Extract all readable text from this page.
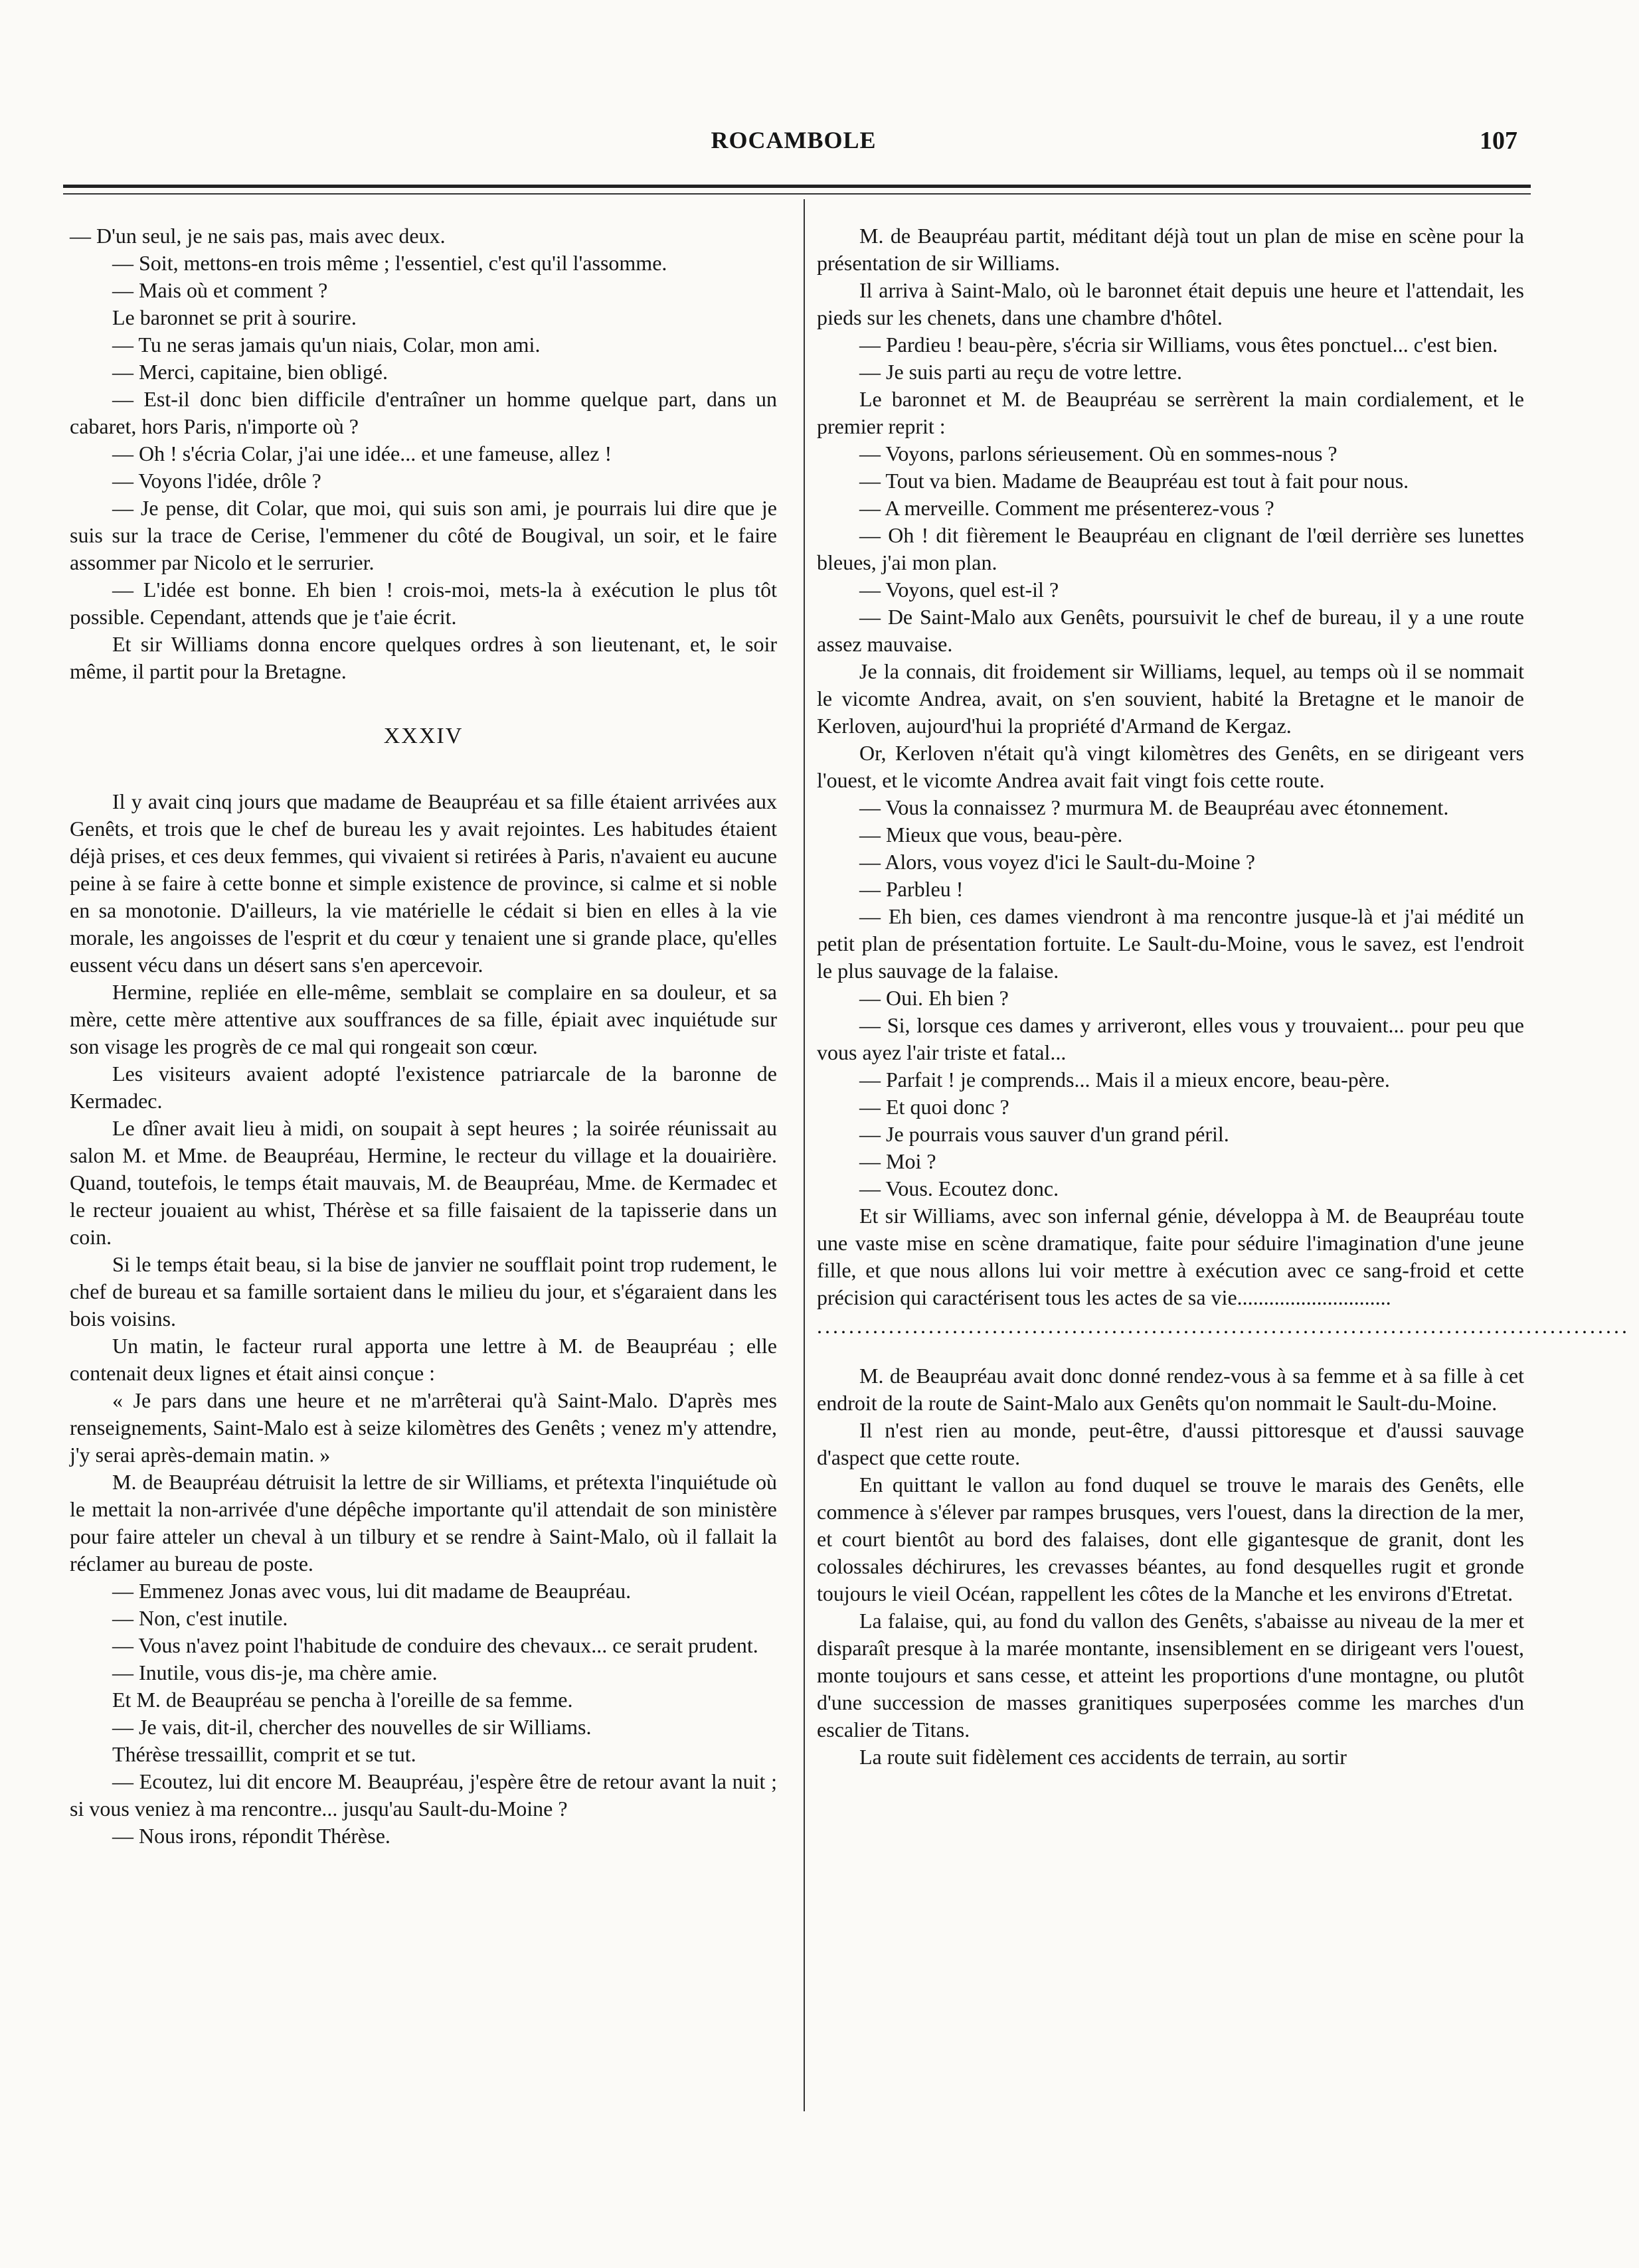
ROCAMBOLE	107

— D'un seul, je ne sais pas, mais avec deux.

— Soit, mettons-en trois même ; l'essentiel, c'est qu'il l'assomme.

— Mais où et comment ?

Le baronnet se prit à sourire.

— Tu ne seras jamais qu'un niais, Colar, mon ami.

— Merci, capitaine, bien obligé.

— Est-il donc bien difficile d'entraîner un homme quelque part, dans un cabaret, hors Paris, n'importe où ?

— Oh ! s'écria Colar, j'ai une idée... et une fameuse, allez !

— Voyons l'idée, drôle ?

— Je pense, dit Colar, que moi, qui suis son ami, je pourrais lui dire que je suis sur la trace de Cerise, l'emmener du côté de Bougival, un soir, et le faire assommer par Nicolo et le serrurier.

— L'idée est bonne. Eh bien ! crois-moi, mets-la à exécution le plus tôt possible. Cependant, attends que je t'aie écrit.

Et sir Williams donna encore quelques ordres à son lieutenant, et, le soir même, il partit pour la Bretagne.

XXXIV

Il y avait cinq jours que madame de Beaupréau et sa fille étaient arrivées aux Genêts, et trois que le chef de bureau les y avait rejointes. Les habitudes étaient déjà prises, et ces deux femmes, qui vivaient si retirées à Paris, n'avaient eu aucune peine à se faire à cette bonne et simple existence de province, si calme et si noble en sa monotonie. D'ailleurs, la vie matérielle le cédait si bien en elles à la vie morale, les angoisses de l'esprit et du cœur y tenaient une si grande place, qu'elles eussent vécu dans un désert sans s'en apercevoir.

Hermine, repliée en elle-même, semblait se complaire en sa douleur, et sa mère, cette mère attentive aux souffrances de sa fille, épiait avec inquiétude sur son visage les progrès de ce mal qui rongeait son cœur.

Les visiteurs avaient adopté l'existence patriarcale de la baronne de Kermadec.

Le dîner avait lieu à midi, on soupait à sept heures ; la soirée réunissait au salon M. et Mme. de Beaupréau, Hermine, le recteur du village et la douairière. Quand, toutefois, le temps était mauvais, M. de Beaupréau, Mme. de Kermadec et le recteur jouaient au whist, Thérèse et sa fille faisaient de la tapisserie dans un coin.

Si le temps était beau, si la bise de janvier ne soufflait point trop rudement, le chef de bureau et sa famille sortaient dans le milieu du jour, et s'égaraient dans les bois voisins.

Un matin, le facteur rural apporta une lettre à M. de Beaupréau ; elle contenait deux lignes et était ainsi conçue :

« Je pars dans une heure et ne m'arrêterai qu'à Saint-Malo. D'après mes renseignements, Saint-Malo est à seize kilomètres des Genêts ; venez m'y attendre, j'y serai après-demain matin. »

M. de Beaupréau détruisit la lettre de sir Williams, et prétexta l'inquiétude où le mettait la non-arrivée d'une dépêche importante qu'il attendait de son ministère pour faire atteler un cheval à un tilbury et se rendre à Saint-Malo, où il fallait la réclamer au bureau de poste.

— Emmenez Jonas avec vous, lui dit madame de Beaupréau.

— Non, c'est inutile.

— Vous n'avez point l'habitude de conduire des chevaux... ce serait prudent.

— Inutile, vous dis-je, ma chère amie.

Et M. de Beaupréau se pencha à l'oreille de sa femme.

— Je vais, dit-il, chercher des nouvelles de sir Williams.

Thérèse tressaillit, comprit et se tut.

— Ecoutez, lui dit encore M. Beaupréau, j'espère être de retour avant la nuit ; si vous veniez à ma rencontre... jusqu'au Sault-du-Moine ?

— Nous irons, répondit Thérèse.

M. de Beaupréau partit, méditant déjà tout un plan de mise en scène pour la présentation de sir Williams.

Il arriva à Saint-Malo, où le baronnet était depuis une heure et l'attendait, les pieds sur les chenets, dans une chambre d'hôtel.

— Pardieu ! beau-père, s'écria sir Williams, vous êtes ponctuel... c'est bien.

— Je suis parti au reçu de votre lettre.

Le baronnet et M. de Beaupréau se serrèrent la main cordialement, et le premier reprit :

— Voyons, parlons sérieusement. Où en sommes-nous ?

— Tout va bien. Madame de Beaupréau est tout à fait pour nous.

— A merveille. Comment me présenterez-vous ?

— Oh ! dit fièrement le Beaupréau en clignant de l'œil derrière ses lunettes bleues, j'ai mon plan.

— Voyons, quel est-il ?

— De Saint-Malo aux Genêts, poursuivit le chef de bureau, il y a une route assez mauvaise.

Je la connais, dit froidement sir Williams, lequel, au temps où il se nommait le vicomte Andrea, avait, on s'en souvient, habité la Bretagne et le manoir de Kerloven, aujourd'hui la propriété d'Armand de Kergaz.

Or, Kerloven n'était qu'à vingt kilomètres des Genêts, en se dirigeant vers l'ouest, et le vicomte Andrea avait fait vingt fois cette route.

— Vous la connaissez ? murmura M. de Beaupréau avec étonnement.

— Mieux que vous, beau-père.

— Alors, vous voyez d'ici le Sault-du-Moine ?

— Parbleu !

— Eh bien, ces dames viendront à ma rencontre jusque-là et j'ai médité un petit plan de présentation fortuite. Le Sault-du-Moine, vous le savez, est l'endroit le plus sauvage de la falaise.

— Oui. Eh bien ?

— Si, lorsque ces dames y arriveront, elles vous y trouvaient... pour peu que vous ayez l'air triste et fatal...

— Parfait ! je comprends... Mais il a mieux encore, beau-père.

— Et quoi donc ?

— Je pourrais vous sauver d'un grand péril.

— Moi ?

— Vous. Ecoutez donc.

Et sir Williams, avec son infernal génie, développa à M. de Beaupréau toute une vaste mise en scène dramatique, faite pour séduire l'imagination d'une jeune fille, et que nous allons lui voir mettre à exécution avec ce sang-froid et cette précision qui caractérisent tous les actes de sa vie.............................

......................................................................................................

M. de Beaupréau avait donc donné rendez-vous à sa femme et à sa fille à cet endroit de la route de Saint-Malo aux Genêts qu'on nommait le Sault-du-Moine.

Il n'est rien au monde, peut-être, d'aussi pittoresque et d'aussi sauvage d'aspect que cette route.

En quittant le vallon au fond duquel se trouve le marais des Genêts, elle commence à s'élever par rampes brusques, vers l'ouest, dans la direction de la mer, et court bientôt au bord des falaises, dont elle gigantesque de granit, dont les colossales déchirures, les crevasses béantes, au fond desquelles rugit et gronde toujours le vieil Océan, rappellent les côtes de la Manche et les environs d'Etretat.

La falaise, qui, au fond du vallon des Genêts, s'abaisse au niveau de la mer et disparaît presque à la marée montante, insensiblement en se dirigeant vers l'ouest, monte toujours et sans cesse, et atteint les proportions d'une montagne, ou plutôt d'une succession de masses granitiques superposées comme les marches d'un escalier de Titans.

La route suit fidèlement ces accidents de terrain, au sortir
